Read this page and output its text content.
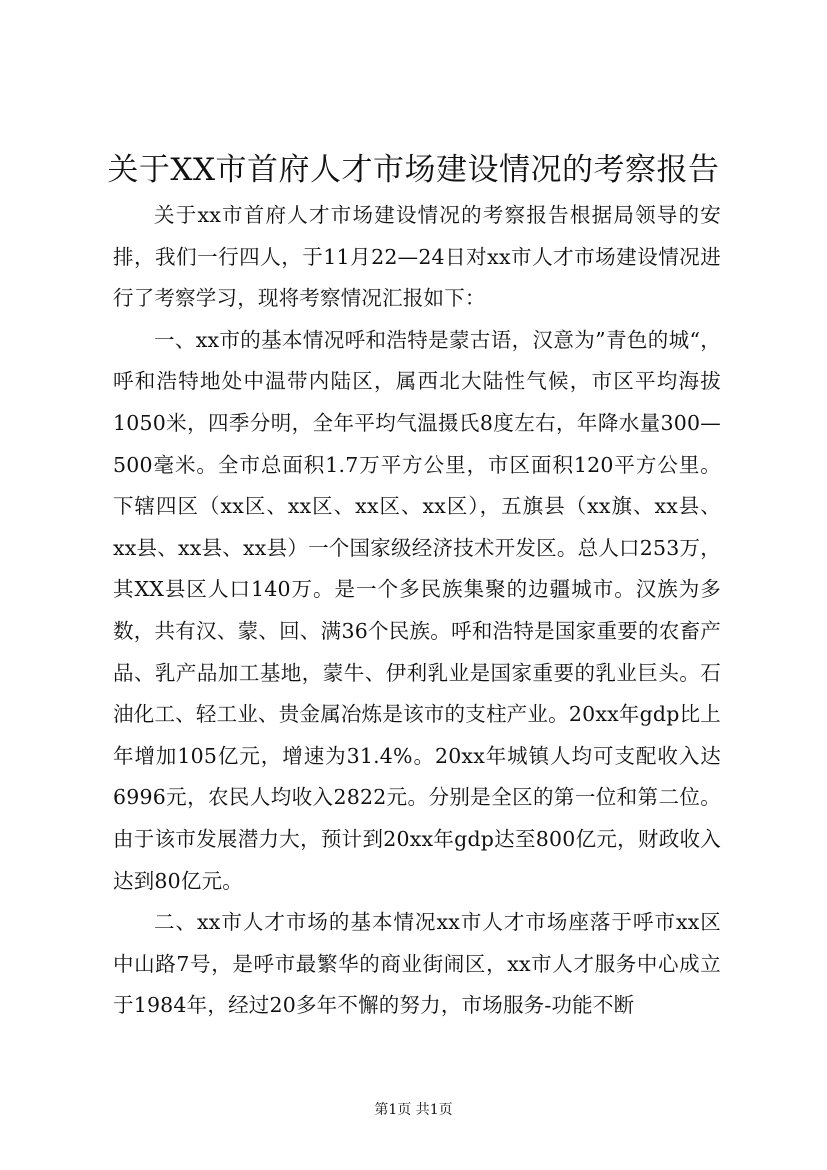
关于XX市首府人才市场建设情况的考察报告

关于xx市首府人才市场建设情况的考察报告根据局领导的安排，我们一行四人，于11月22—24日对xx市人才市场建设情况进行了考察学习，现将考察情况汇报如下：

一、xx市的基本情况呼和浩特是蒙古语，汉意为”青色的城“，呼和浩特地处中温带内陆区，属西北大陆性气候，市区平均海拔1050米，四季分明，全年平均气温摄氏8度左右，年降水量300—500毫米。全市总面积1.7万平方公里，市区面积120平方公里。下辖四区（xx区、xx区、xx区、xx区），五旗县（xx旗、xx县、xx县、xx县、xx县）一个国家级经济技术开发区。总人口253万，其XX县区人口140万。是一个多民族集聚的边疆城市。汉族为多数，共有汉、蒙、回、满36个民族。呼和浩特是国家重要的农畜产品、乳产品加工基地，蒙牛、伊利乳业是国家重要的乳业巨头。石油化工、轻工业、贵金属冶炼是该市的支柱产业。20xx年gdp比上年增加105亿元，增速为31.4%。20xx年城镇人均可支配收入达6996元，农民人均收入2822元。分别是全区的第一位和第二位。由于该市发展潜力大，预计到20xx年gdp达至800亿元，财政收入达到80亿元。

二、xx市人才市场的基本情况xx市人才市场座落于呼市xx区中山路7号，是呼市最繁华的商业街闹区，xx市人才服务中心成立于1984年，经过20多年不懈的努力，市场服务-功能不断

第1页 共1页
